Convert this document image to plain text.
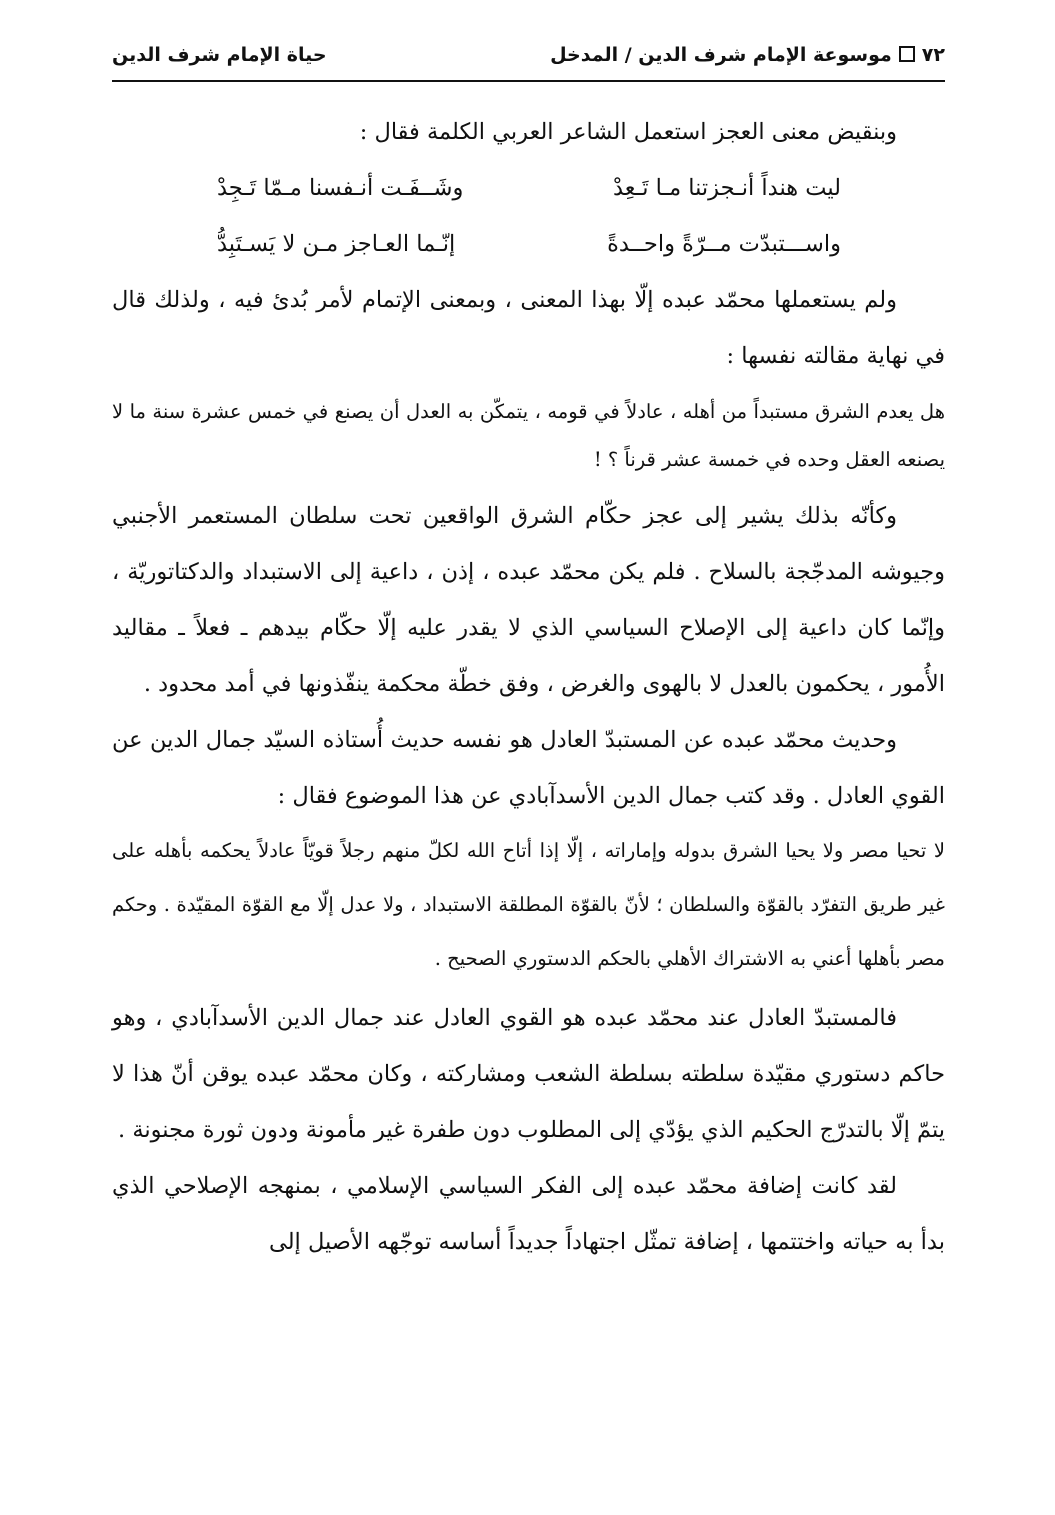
٧٢موسوعة الإمام شرف الدين / المدخل
حياة الإمام شرف الدين

وبنقيض معنى العجز استعمل الشاعر العربي الكلمة فقال :

ليت هنداً أنـجزتنا مـا تَـعِدْ
وشَــفَـت أنـفسنا مـمّا تَـجِدْ
واســـتبدّت مــرّةً واحــدةً
إنّـما العـاجز مـن لا يَسـتَبِدُّ

ولم يستعملها محمّد عبده إلّا بهذا المعنى ، وبمعنى الإتمام لأمر بُدئ فيه ، ولذلك قال في نهاية مقالته نفسها :

هل يعدم الشرق مستبداً من أهله ، عادلاً في قومه ، يتمكّن به العدل أن يصنع في خمس عشرة سنة ما لا يصنعه العقل وحده في خمسة عشر قرناً ؟ !

وكأنّه بذلك يشير إلى عجز حكّام الشرق الواقعين تحت سلطان المستعمر الأجنبي وجيوشه المدجّجة بالسلاح . فلم يكن محمّد عبده ، إذن ، داعية إلى الاستبداد والدكتاتوريّة ، وإنّما كان داعية إلى الإصلاح السياسي الذي لا يقدر عليه إلّا حكّام بيدهم ـ فعلاً ـ مقاليد الأُمور ، يحكمون بالعدل لا بالهوى والغرض ، وفق خطّة محكمة ينفّذونها في أمد محدود .

وحديث محمّد عبده عن المستبدّ العادل هو نفسه حديث أُستاذه السيّد جمال الدين عن القوي العادل . وقد كتب جمال الدين الأسدآبادي عن هذا الموضوع فقال :

لا تحيا مصر ولا يحيا الشرق بدوله وإماراته ، إلّا إذا أتاح الله لكلّ منهم رجلاً قويّاً عادلاً يحكمه بأهله على غير طريق التفرّد بالقوّة والسلطان ؛ لأنّ بالقوّة المطلقة الاستبداد ، ولا عدل إلّا مع القوّة المقيّدة . وحكم مصر بأهلها أعني به الاشتراك الأهلي بالحكم الدستوري الصحيح .

فالمستبدّ العادل عند محمّد عبده هو القوي العادل عند جمال الدين الأسدآبادي ، وهو حاكم دستوري مقيّدة سلطته بسلطة الشعب ومشاركته ، وكان محمّد عبده يوقن أنّ هذا لا يتمّ إلّا بالتدرّج الحكيم الذي يؤدّي إلى المطلوب دون طفرة غير مأمونة ودون ثورة مجنونة .

لقد كانت إضافة محمّد عبده إلى الفكر السياسي الإسلامي ، بمنهجه الإصلاحي الذي بدأ به حياته واختتمها ، إضافة تمثّل اجتهاداً جديداً أساسه توجّهه الأصيل إلى
